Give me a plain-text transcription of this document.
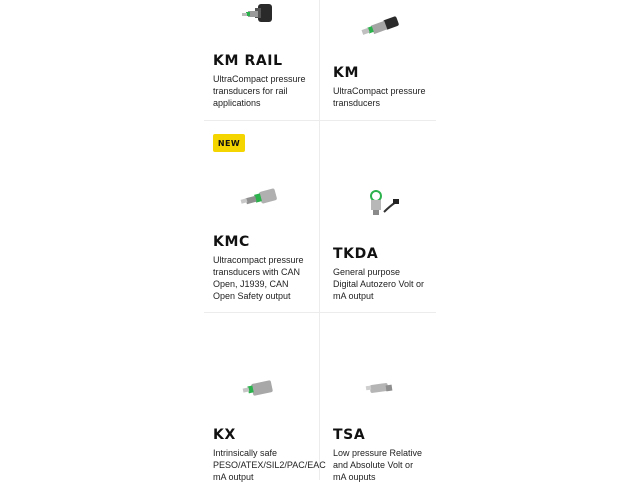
KM RAIL
UltraCompact pressure
transducers for rail
applications
KM
UltraCompact pressure
transducers
NEW
KMC
Ultracompact pressure
transducers with CAN
Open, J1939, CAN
Open Safety output
TKDA
General purpose
Digital Autozero Volt or
mA output
KX
Intrinsically safe
PESO/ATEX/SIL2/PAC/EAC
mA output
TSA
Low pressure Relative
and Absolute Volt or
mA ouputs
